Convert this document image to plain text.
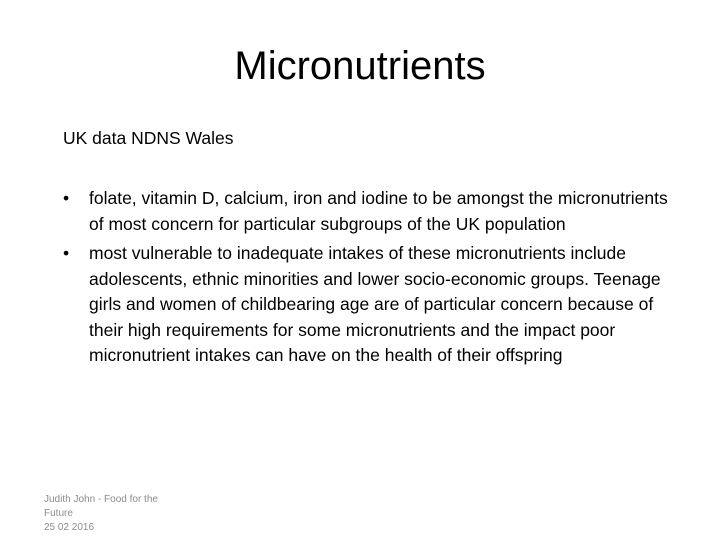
Micronutrients

UK data NDNS Wales

• folate, vitamin D, calcium, iron and iodine to be amongst the micronutrients of most concern for particular subgroups of the UK population
• most vulnerable to inadequate intakes of these micronutrients include adolescents, ethnic minorities and lower socio-economic groups. Teenage girls and women of childbearing age are of particular concern because of their high requirements for some micronutrients and the impact poor micronutrient intakes can have on the health of their offspring
Judith John - Food for the Future
25 02 2016
